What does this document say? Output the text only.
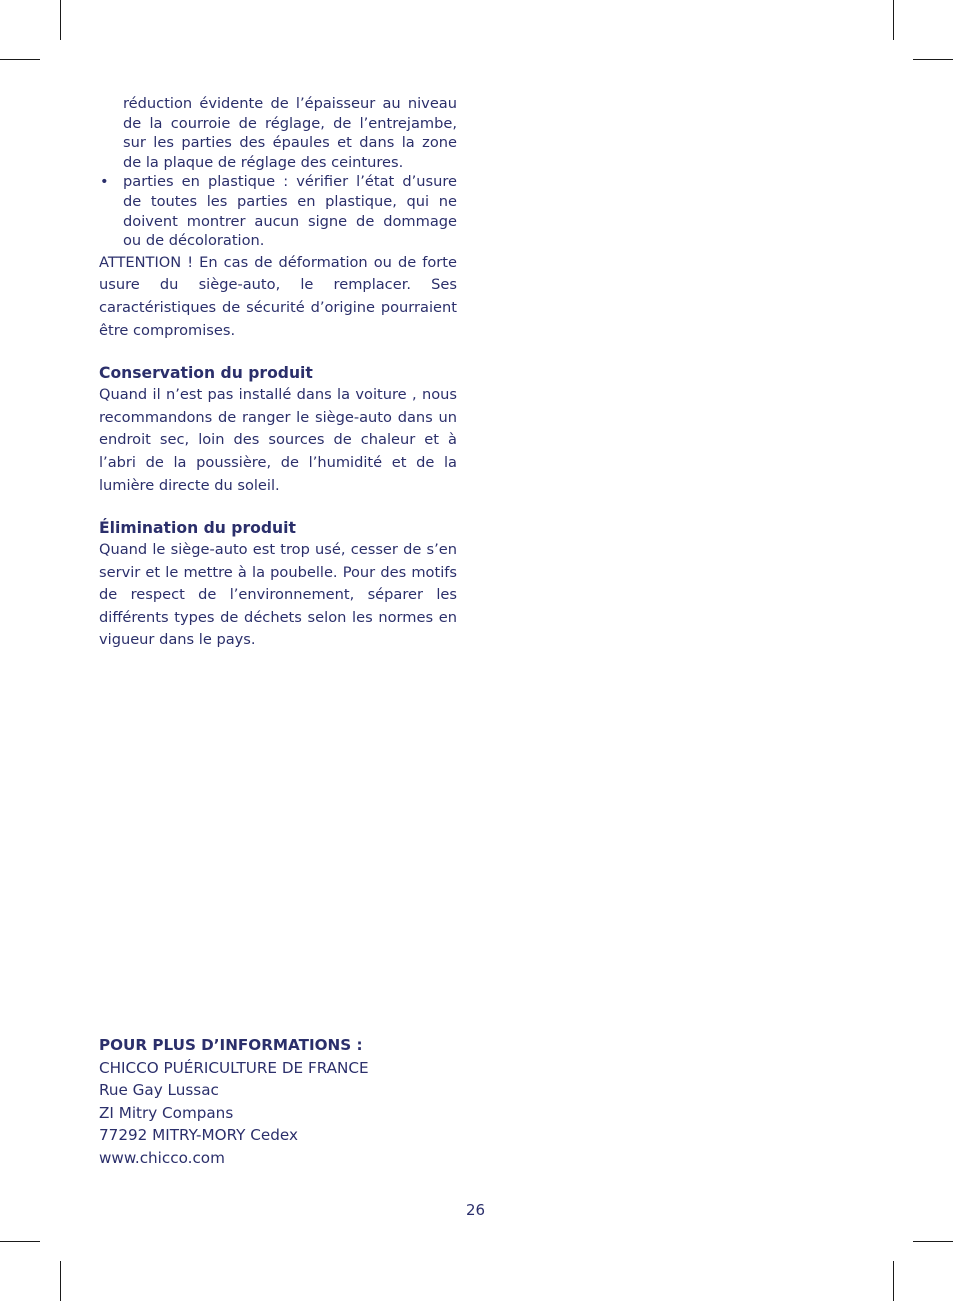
réduction évidente de l’épaisseur au niveau de la courroie de réglage, de l’entrejambe, sur les parties des épaules et dans la zone de la plaque de réglage des ceintures.

• parties en plastique : vérifier l’état d’usure de toutes les parties en plastique, qui ne doivent montrer aucun signe de dommage ou de décoloration.

ATTENTION ! En cas de déformation ou de forte usure du siège-auto, le remplacer. Ses caractéristiques de sécurité d’origine pourraient être compromises.

Conservation du produit

Quand il n’est pas installé dans la voiture , nous recommandons de ranger le siège-auto dans un endroit sec, loin des sources de chaleur et à l’abri de la poussière, de l’humidité et de la lumière directe du soleil.

Élimination du produit

Quand le siège-auto est trop usé, cesser de s’en servir et le mettre à la poubelle. Pour des motifs de respect de l’environnement, séparer les différents types de déchets selon les normes en vigueur dans le pays.

POUR PLUS D’INFORMATIONS :
CHICCO PUÉRICULTURE DE FRANCE
Rue Gay Lussac
ZI Mitry Compans
77292 MITRY-MORY Cedex
www.chicco.com
26
